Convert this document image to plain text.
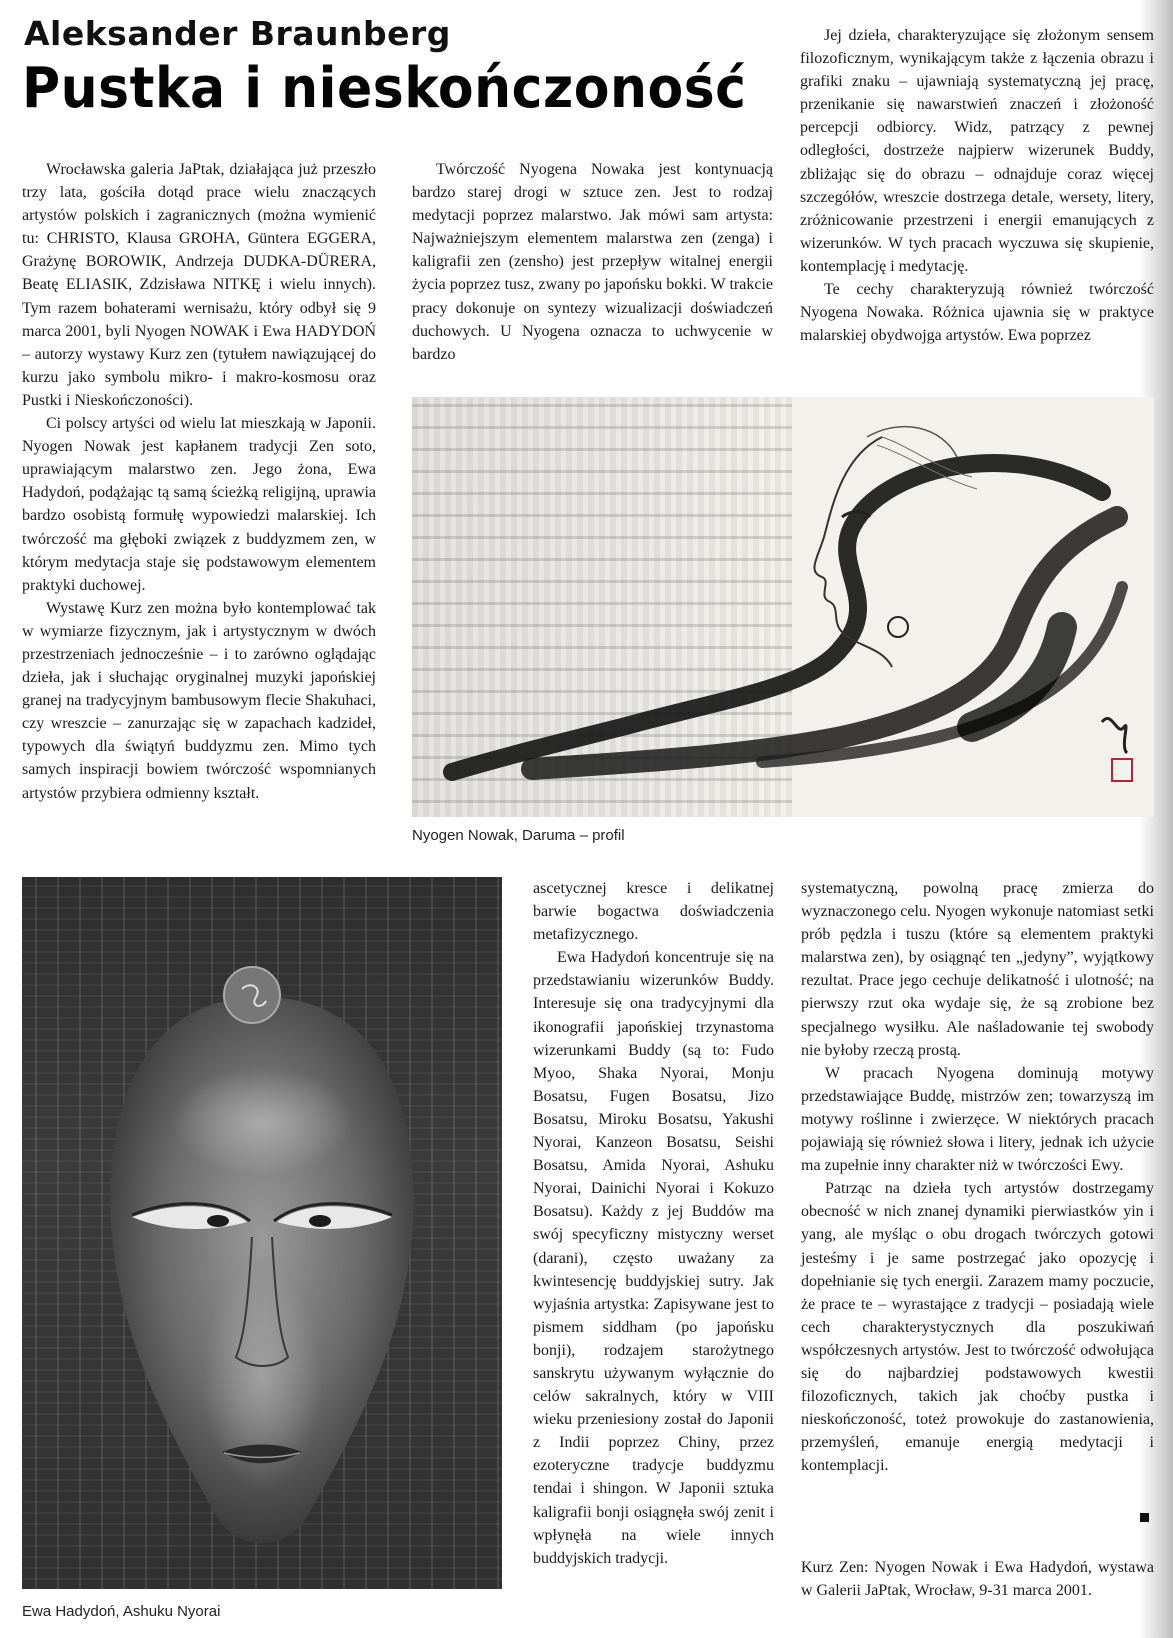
Aleksander Braunberg
Pustka i nieskończoność

Wrocławska galeria JaPtak, działająca już przeszło trzy lata, gościła dotąd prace wielu znaczących artystów polskich i zagranicznych (można wymienić tu: CHRISTO, Klausa GROHA, Güntera EGGERA, Grażynę BOROWIK, Andrzeja DUDKA-DÜRERA, Beatę ELIASIK, Zdzisława NITKĘ i wielu innych). Tym razem bohaterami wernisażu, który odbył się 9 marca 2001, byli Nyogen NOWAK i Ewa HADYDOŃ – autorzy wystawy Kurz zen (tytułem nawiązującej do kurzu jako symbolu mikro- i makro-kosmosu oraz Pustki i Nieskończoności).

Ci polscy artyści od wielu lat mieszkają w Japonii. Nyogen Nowak jest kapłanem tradycji Zen soto, uprawiającym malarstwo zen. Jego żona, Ewa Hadydoń, podążając tą samą ścieżką religijną, uprawia bardzo osobistą formułę wypowiedzi malarskiej. Ich twórczość ma głęboki związek z buddyzmem zen, w którym medytacja staje się podstawowym elementem praktyki duchowej.

Wystawę Kurz zen można było kontemplować tak w wymiarze fizycznym, jak i artystycznym w dwóch przestrzeniach jednocześnie – i to zarówno oglądając dzieła, jak i słuchając oryginalnej muzyki japońskiej granej na tradycyjnym bambusowym flecie Shakuhaci, czy wreszcie – zanurzając się w zapachach kadzideł, typowych dla świątyń buddyzmu zen. Mimo tych samych inspiracji bowiem twórczość wspomnianych artystów przybiera odmienny kształt.

Twórczość Nyogena Nowaka jest kontynuacją bardzo starej drogi w sztuce zen. Jest to rodzaj medytacji poprzez malarstwo. Jak mówi sam artysta: Najważniejszym elementem malarstwa zen (zenga) i kaligrafii zen (zensho) jest przepływ witalnej energii życia poprzez tusz, zwany po japońsku bokki. W trakcie pracy dokonuje on syntezy wizualizacji doświadczeń duchowych. U Nyogena oznacza to uchwycenie w bardzo

Jej dzieła, charakteryzujące się złożonym sensem filozoficznym, wynikającym także z łączenia obrazu i grafiki znaku – ujawniają systematyczną jej pracę, przenikanie się nawarstwień znaczeń i złożoność percepcji odbiorcy. Widz, patrzący z pewnej odległości, dostrzeże najpierw wizerunek Buddy, zbliżając się do obrazu – odnajduje coraz więcej szczegółów, wreszcie dostrzega detale, wersety, litery, zróżnicowanie przestrzeni i energii emanujących z wizerunków. W tych pracach wyczuwa się skupienie, kontemplację i medytację.

Te cechy charakteryzują również twórczość Nyogena Nowaka. Różnica ujawnia się w praktyce malarskiej obydwojga artystów. Ewa poprzez

Nyogen Nowak, Daruma – profil

Ewa Hadydoń, Ashuku Nyorai

ascetycznej kresce i delikatnej barwie bogactwa doświadczenia metafizycznego.

Ewa Hadydoń koncentruje się na przedstawianiu wizerunków Buddy. Interesuje się ona tradycyjnymi dla ikonografii japońskiej trzynastoma wizerunkami Buddy (są to: Fudo Myoo, Shaka Nyorai, Monju Bosatsu, Fugen Bosatsu, Jizo Bosatsu, Miroku Bosatsu, Yakushi Nyorai, Kanzeon Bosatsu, Seishi Bosatsu, Amida Nyorai, Ashuku Nyorai, Dainichi Nyorai i Kokuzo Bosatsu). Każdy z jej Buddów ma swój specyficzny mistyczny werset (darani), często uważany za kwintesencję buddyjskiej sutry. Jak wyjaśnia artystka: Zapisywane jest to pismem siddham (po japońsku bonji), rodzajem starożytnego sanskrytu używanym wyłącznie do celów sakralnych, który w VIII wieku przeniesiony został do Japonii z Indii poprzez Chiny, przez ezoteryczne tradycje buddyzmu tendai i shingon. W Japonii sztuka kaligrafii bonji osiągnęła swój zenit i wpłynęła na wiele innych buddyjskich tradycji.

systematyczną, powolną pracę zmierza do wyznaczonego celu. Nyogen wykonuje natomiast setki prób pędzla i tuszu (które są elementem praktyki malarstwa zen), by osiągnąć ten „jedyny”, wyjątkowy rezultat. Prace jego cechuje delikatność i ulotność; na pierwszy rzut oka wydaje się, że są zrobione bez specjalnego wysiłku. Ale naśladowanie tej swobody nie byłoby rzeczą prostą.

W pracach Nyogena dominują motywy przedstawiające Buddę, mistrzów zen; towarzyszą im motywy roślinne i zwierzęce. W niektórych pracach pojawiają się również słowa i litery, jednak ich użycie ma zupełnie inny charakter niż w twórczości Ewy.

Patrząc na dzieła tych artystów dostrzegamy obecność w nich znanej dynamiki pierwiastków yin i yang, ale myśląc o obu drogach twórczych gotowi jesteśmy i je same postrzegać jako opozycję i dopełnianie się tych energii. Zarazem mamy poczucie, że prace te – wyrastające z tradycji – posiadają wiele cech charakterystycznych dla poszukiwań współczesnych artystów. Jest to twórczość odwołująca się do najbardziej podstawowych kwestii filozoficznych, takich jak choćby pustka i nieskończoność, toteż prowokuje do zastanowienia, przemyśleń, emanuje energią medytacji i kontemplacji.

Kurz Zen: Nyogen Nowak i Ewa Hadydoń, wystawa w Galerii JaPtak, Wrocław, 9-31 marca 2001.
